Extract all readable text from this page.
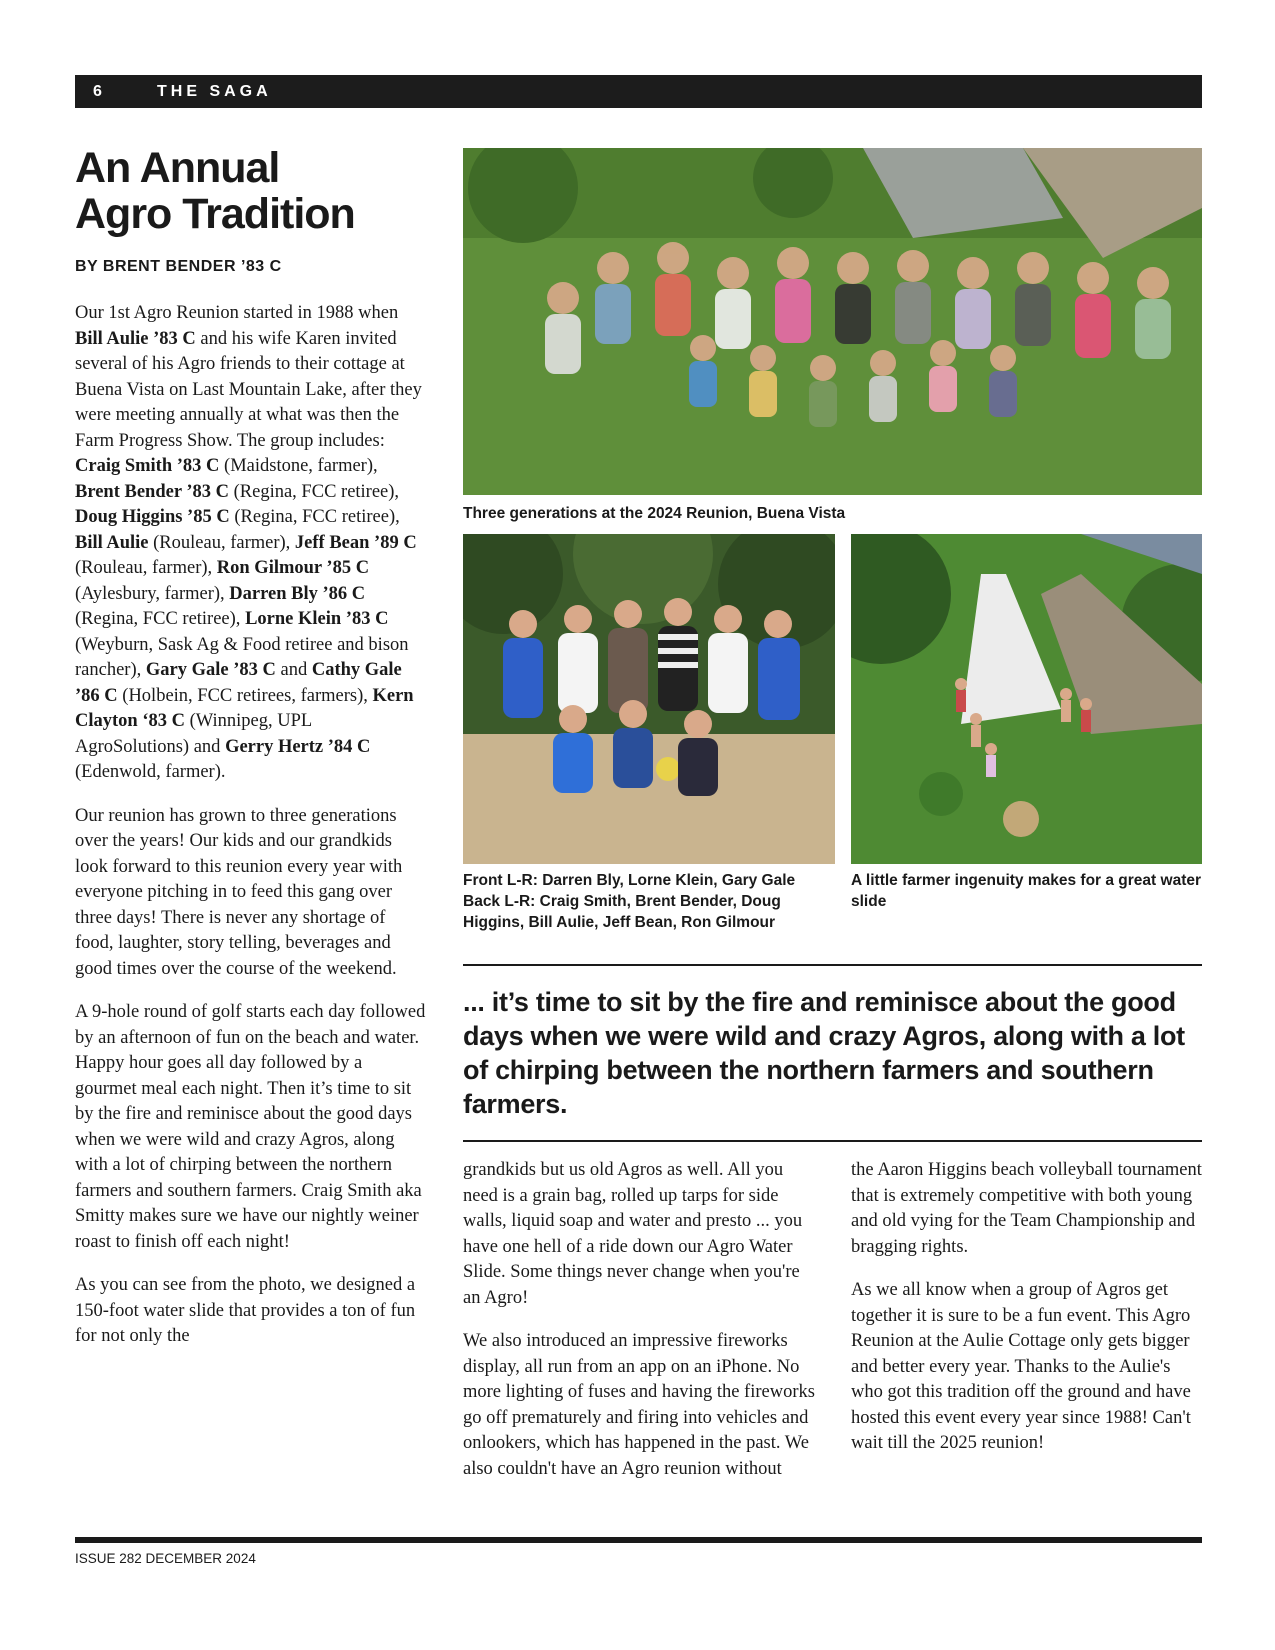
6	THE SAGA
An Annual
Agro Tradition
BY BRENT BENDER ’83 C

Our 1st Agro Reunion started in 1988 when Bill Aulie ’83 C and his wife Karen invited several of his Agro friends to their cottage at Buena Vista on Last Mountain Lake, after they were meeting annually at what was then the Farm Progress Show. The group includes: Craig Smith ’83 C (Maidstone, farmer), Brent Bender ’83 C (Regina, FCC retiree), Doug Higgins ’85 C (Regina, FCC retiree), Bill Aulie (Rouleau, farmer), Jeff Bean ’89 C (Rouleau, farmer), Ron Gilmour ’85 C (Aylesbury, farmer), Darren Bly ’86 C (Regina, FCC retiree), Lorne Klein ’83 C (Weyburn, Sask Ag & Food retiree and bison rancher), Gary Gale ’83 C and Cathy Gale ’86 C (Holbein, FCC retirees, farmers), Kern Clayton ‘83 C (Winnipeg, UPL AgroSolutions) and Gerry Hertz ’84 C (Edenwold, farmer).

Our reunion has grown to three generations over the years! Our kids and our grandkids look forward to this reunion every year with everyone pitching in to feed this gang over three days! There is never any shortage of food, laughter, story telling, beverages and good times over the course of the weekend.

A 9-hole round of golf starts each day followed by an afternoon of fun on the beach and water. Happy hour goes all day followed by a gourmet meal each night. Then it’s time to sit by the fire and reminisce about the good days when we were wild and crazy Agros, along with a lot of chirping between the northern farmers and southern farmers. Craig Smith aka Smitty makes sure we have our nightly weiner roast to finish off each night!

As you can see from the photo, we designed a 150-foot water slide that provides a ton of fun for not only the

Three generations at the 2024 Reunion, Buena Vista
Front L-R: Darren Bly, Lorne Klein, Gary Gale Back L-R: Craig Smith, Brent Bender, Doug Higgins, Bill Aulie, Jeff Bean, Ron Gilmour
A little farmer ingenuity makes for a great water slide

... it’s time to sit by the fire and reminisce about the good days when we were wild and crazy Agros, along with a lot of chirping between the northern farmers and southern farmers.

grandkids but us old Agros as well. All you need is a grain bag, rolled up tarps for side walls, liquid soap and water and presto ... you have one hell of a ride down our Agro Water Slide. Some things never change when you're an Agro!

We also introduced an impressive fireworks display, all run from an app on an iPhone. No more lighting of fuses and having the fireworks go off prematurely and firing into vehicles and onlookers, which has happened in the past. We also couldn't have an Agro reunion without

the Aaron Higgins beach volleyball tournament that is extremely competitive with both young and old vying for the Team Championship and bragging rights.

As we all know when a group of Agros get together it is sure to be a fun event. This Agro Reunion at the Aulie Cottage only gets bigger and better every year. Thanks to the Aulie's who got this tradition off the ground and have hosted this event every year since 1988! Can't wait till the 2025 reunion!

ISSUE 282 DECEMBER 2024
